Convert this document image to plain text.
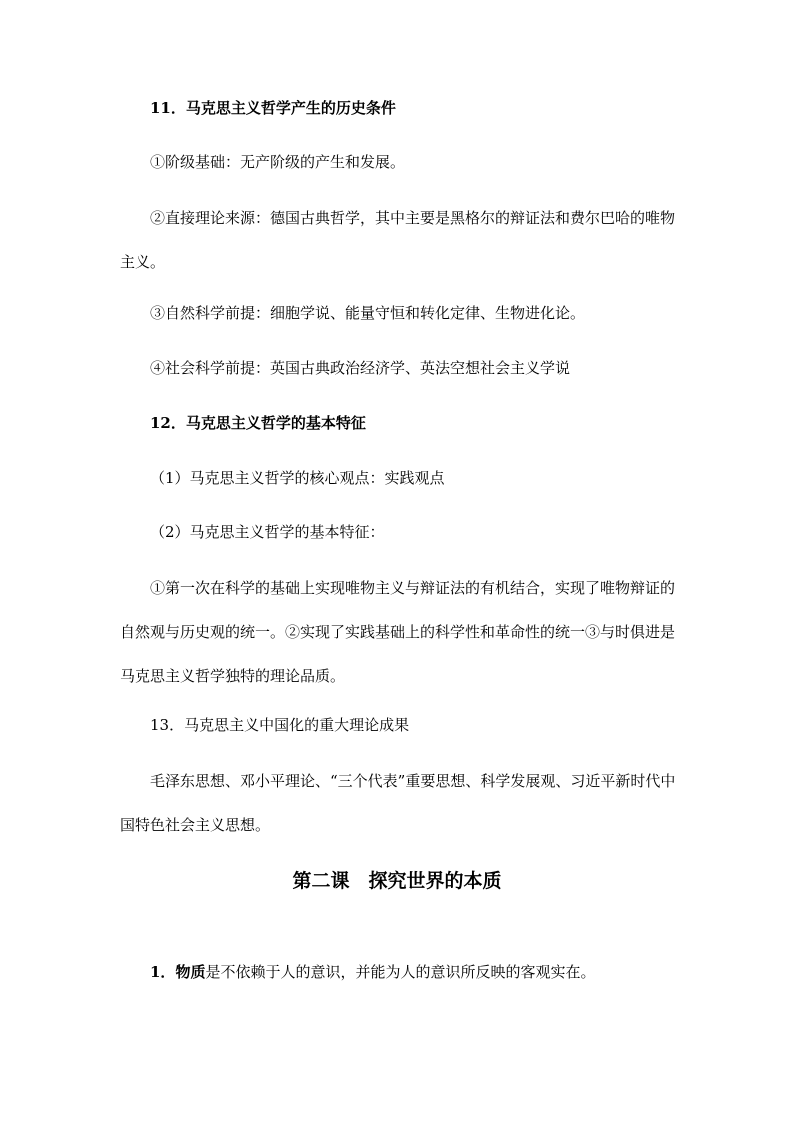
11．马克思主义哲学产生的历史条件
①阶级基础：无产阶级的产生和发展。
②直接理论来源：德国古典哲学，其中主要是黑格尔的辩证法和费尔巴哈的唯物主义。
③自然科学前提：细胞学说、能量守恒和转化定律、生物进化论。
④社会科学前提：英国古典政治经济学、英法空想社会主义学说
12．马克思主义哲学的基本特征
（1）马克思主义哲学的核心观点：实践观点
（2）马克思主义哲学的基本特征：
①第一次在科学的基础上实现唯物主义与辩证法的有机结合，实现了唯物辩证的自然观与历史观的统一。②实现了实践基础上的科学性和革命性的统一③与时俱进是马克思主义哲学独特的理论品质。
13．马克思主义中国化的重大理论成果
毛泽东思想、邓小平理论、“三个代表”重要思想、科学发展观、习近平新时代中国特色社会主义思想。
第二课　探究世界的本质
1．物质是不依赖于人的意识，并能为人的意识所反映的客观实在。
